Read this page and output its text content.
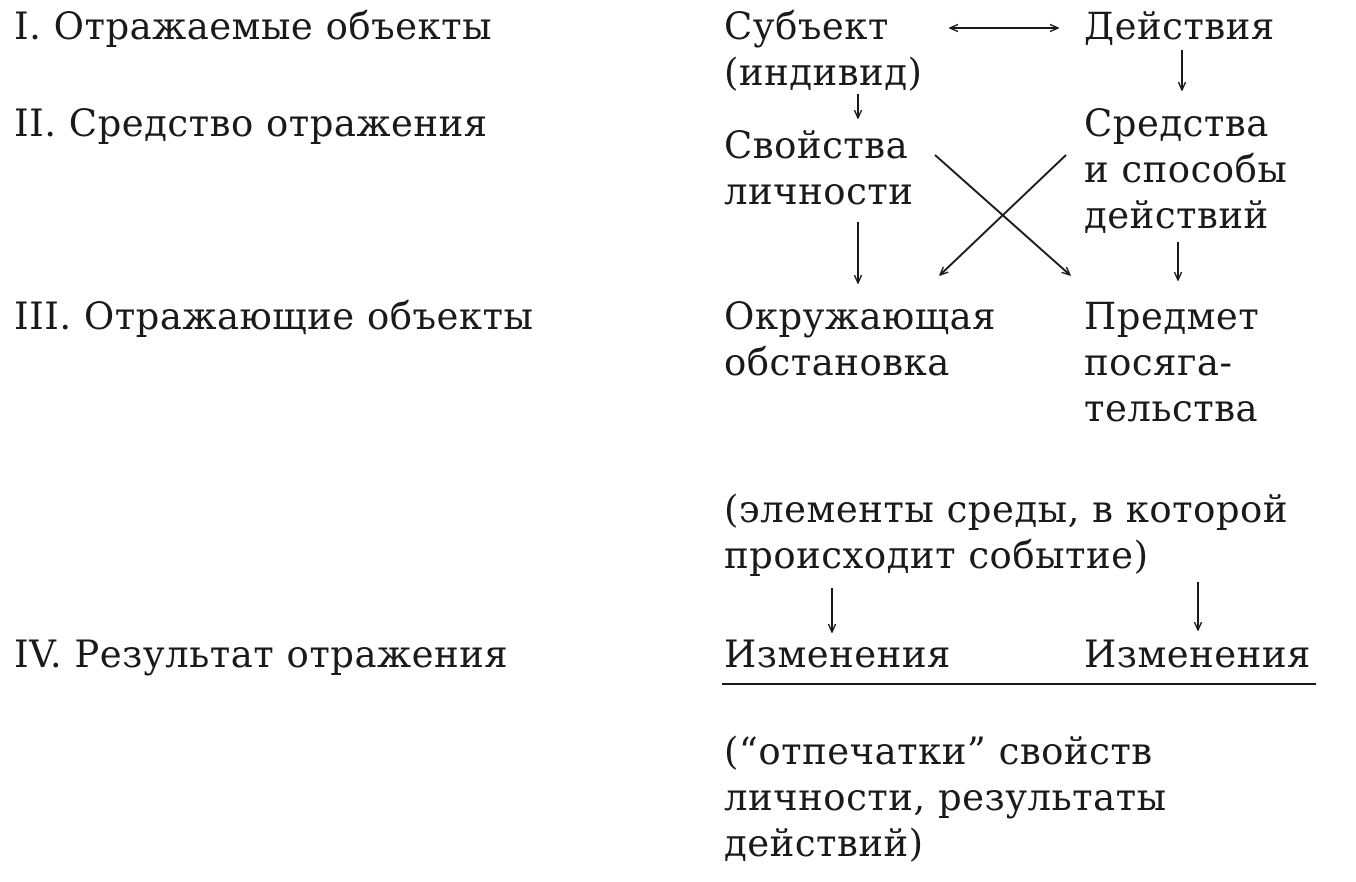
I. Отражаемые объекты
II. Средство отражения
III. Отражающие объекты
IV. Результат отражения
Субъект
(индивид)
Действия
Свойства
личности
Средства
и способы
действий
Окружающая
обстановка
Предмет
посяга-
тельства
(элементы среды, в которой
происходит событие)
Изменения	Изменения
(“отпечатки” свойств
личности, результаты
действий)
